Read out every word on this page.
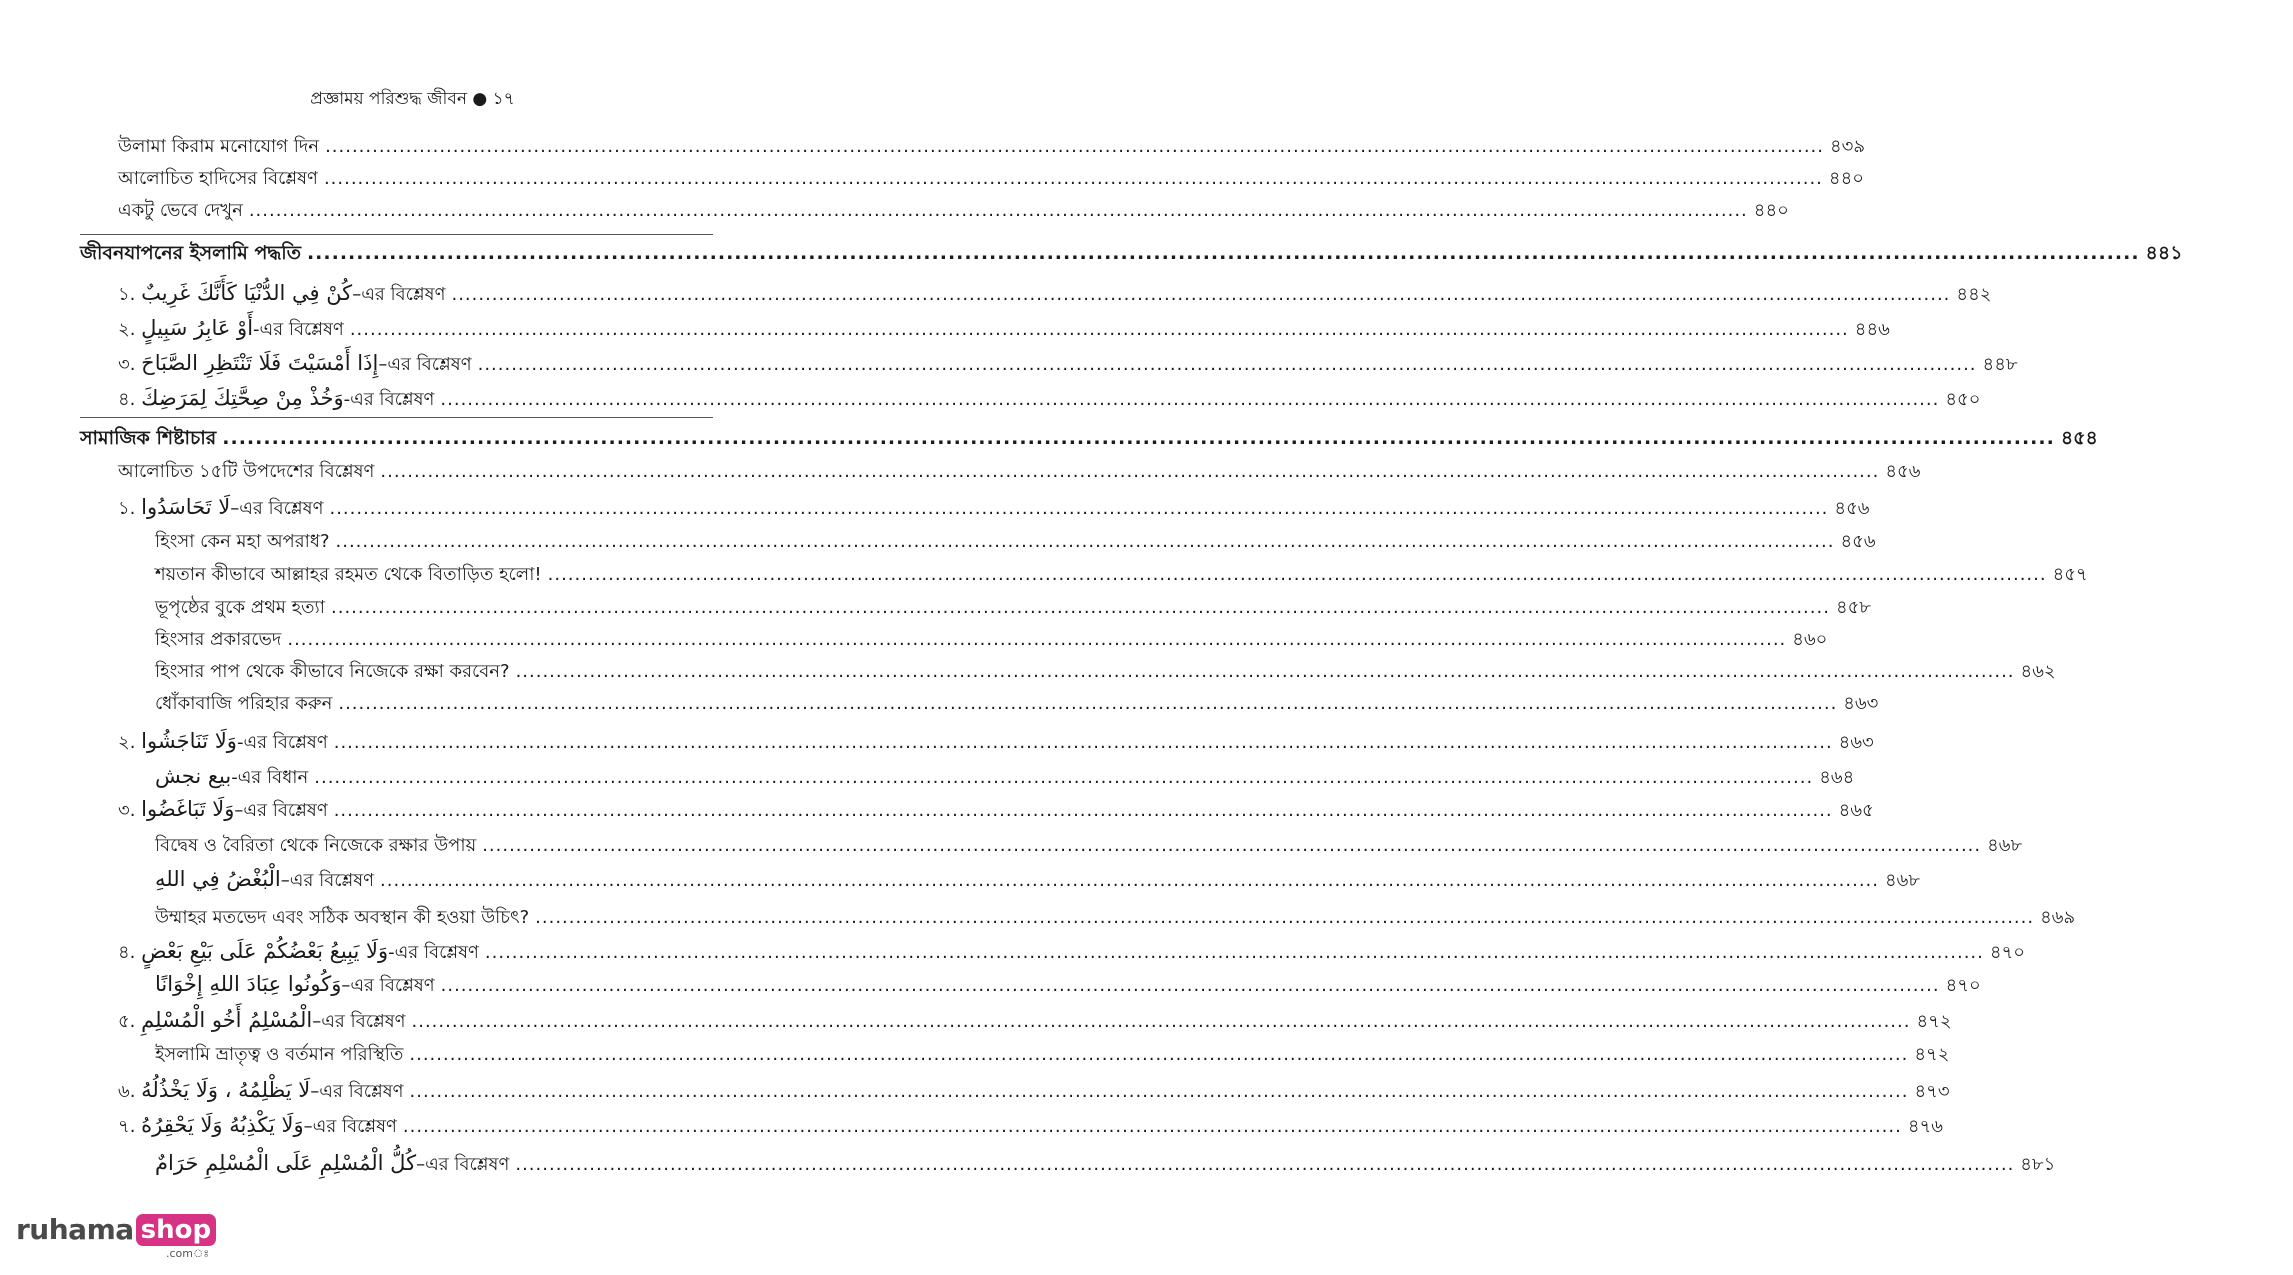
প্রজ্ঞাময় পরিশুদ্ধ জীবন ● ১৭
উলামা কিরাম মনোযোগ দিন .....	৪৩৯
আলোচিত হাদিসের বিশ্লেষণ .....	৪৪০
একটু ভেবে দেখুন .....	৪৪০
জীবনযাপনের ইসলামি পদ্ধতি .....	৪৪১
১. كُنْ فِي الدُّنْيَا كَأَنَّكَ غَرِيبٌ–এর বিশ্লেষণ .....	৪৪২
২. أَوْ عَابِرُ سَبِيلٍ-এর বিশ্লেষণ .....	৪৪৬
৩. إِذَا أَمْسَيْتَ فَلَا تَنْتَظِرِ الصَّبَاحَ–এর বিশ্লেষণ .....	৪৪৮
৪. وَخُذْ مِنْ صِحَّتِكَ لِمَرَضِكَ-এর বিশ্লেষণ .....	৪৫০
সামাজিক শিষ্টাচার .....	৪৫৪
আলোচিত ১৫টি উপদেশের বিশ্লেষণ .....	৪৫৬
১. لَا تَحَاسَدُوا–এর বিশ্লেষণ .....	৪৫৬
হিংসা কেন মহা অপরাধ? .....	৪৫৬
শয়তান কীভাবে আল্লাহর রহমত থেকে বিতাড়িত হলো! .....	৪৫৭
ভূপৃষ্ঠের বুকে প্রথম হত্যা .....	৪৫৮
হিংসার প্রকারভেদ .....	৪৬০
হিংসার পাপ থেকে কীভাবে নিজেকে রক্ষা করবেন? .....	৪৬২
ধোঁকাবাজি পরিহার করুন .....	৪৬৩
২. وَلَا تَنَاجَشُوا-এর বিশ্লেষণ .....	৪৬৩
بيع نجش-এর বিধান .....	৪৬৪
৩. وَلَا تَبَاغَضُوا–এর বিশ্লেষণ .....	৪৬৫
বিদ্বেষ ও বৈরিতা থেকে নিজেকে রক্ষার উপায় .....	৪৬৮
الْبُغْضُ فِي اللهِ–এর বিশ্লেষণ .....	৪৬৮
উম্মাহর মতভেদ এবং সঠিক অবস্থান কী হওয়া উচিৎ? .....	৪৬৯
৪. وَلَا يَبِيعُ بَعْضُكُمْ عَلَى بَيْعِ بَعْضٍ-এর বিশ্লেষণ .....	৪৭০
وَكُونُوا عِبَادَ اللهِ إِخْوَانًا–এর বিশ্লেষণ .....	৪৭০
৫. الْمُسْلِمُ أَخُو الْمُسْلِمِ–এর বিশ্লেষণ .....	৪৭২
ইসলামি ভ্রাতৃত্ব ও বর্তমান পরিস্থিতি .....	৪৭২
৬. لَا يَظْلِمُهُ ، وَلَا يَخْذُلُهُ–এর বিশ্লেষণ .....	৪৭৩
৭. وَلَا يَكْذِبُهُ وَلَا يَحْقِرُهُ–এর বিশ্লেষণ .....	৪৭৬
كُلُّ الْمُسْلِمِ عَلَى الْمُسْلِمِ حَرَامٌ–এর বিশ্লেষণ .....	৪৮১
ruhama shop
.comঃ
